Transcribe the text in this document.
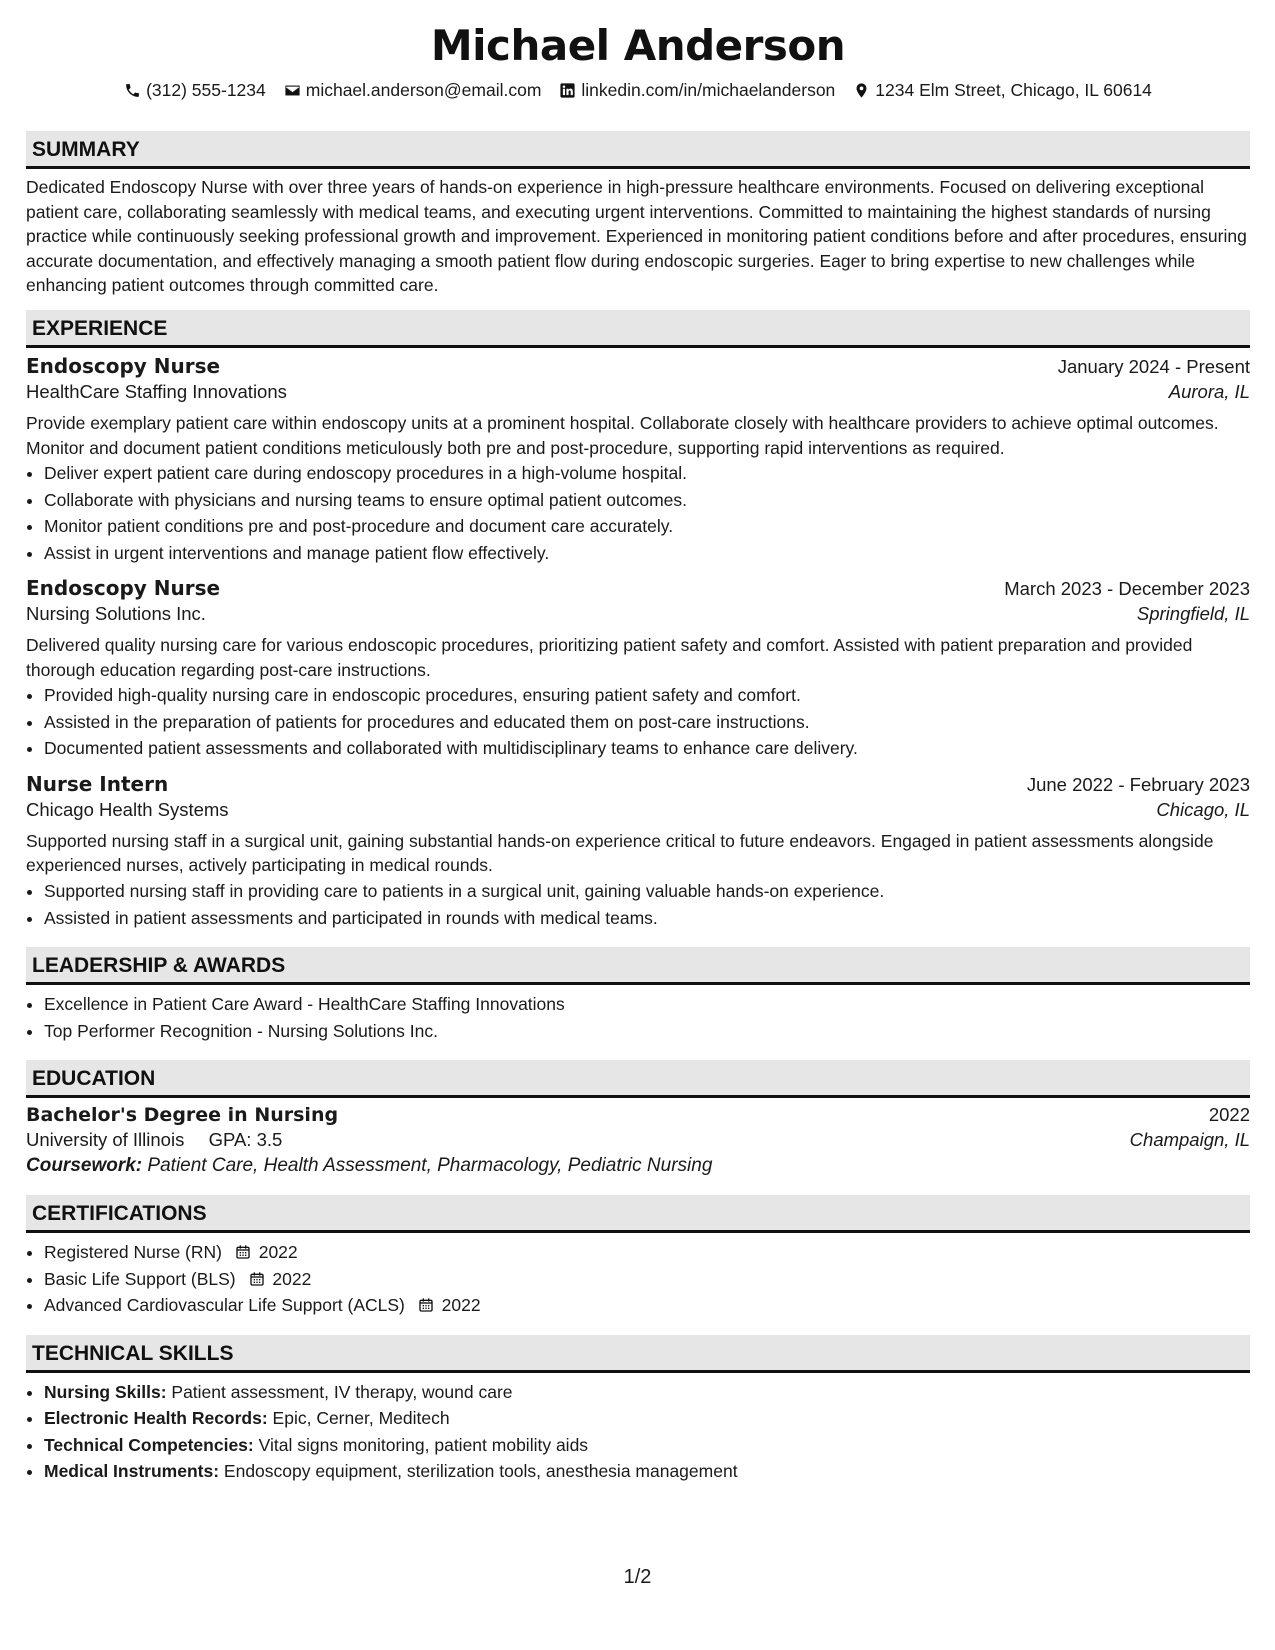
Michael Anderson
(312) 555-1234 michael.anderson@email.com linkedin.com/in/michaelanderson 1234 Elm Street, Chicago, IL 60614
SUMMARY

Dedicated Endoscopy Nurse with over three years of hands-on experience in high-pressure healthcare environments. Focused on delivering exceptional patient care, collaborating seamlessly with medical teams, and executing urgent interventions. Committed to maintaining the highest standards of nursing practice while continuously seeking professional growth and improvement. Experienced in monitoring patient conditions before and after procedures, ensuring accurate documentation, and effectively managing a smooth patient flow during endoscopic surgeries. Eager to bring expertise to new challenges while enhancing patient outcomes through committed care.

EXPERIENCE
Endoscopy Nurse	January 2024 - Present
HealthCare Staffing Innovations	Aurora, IL

Provide exemplary patient care within endoscopy units at a prominent hospital. Collaborate closely with healthcare providers to achieve optimal outcomes. Monitor and document patient conditions meticulously both pre and post-procedure, supporting rapid interventions as required.

• Deliver expert patient care during endoscopy procedures in a high-volume hospital.
• Collaborate with physicians and nursing teams to ensure optimal patient outcomes.
• Monitor patient conditions pre and post-procedure and document care accurately.
• Assist in urgent interventions and manage patient flow effectively.
Endoscopy Nurse	March 2023 - December 2023
Nursing Solutions Inc.	Springfield, IL

Delivered quality nursing care for various endoscopic procedures, prioritizing patient safety and comfort. Assisted with patient preparation and provided thorough education regarding post-care instructions.

• Provided high-quality nursing care in endoscopic procedures, ensuring patient safety and comfort.
• Assisted in the preparation of patients for procedures and educated them on post-care instructions.
• Documented patient assessments and collaborated with multidisciplinary teams to enhance care delivery.
Nurse Intern	June 2022 - February 2023
Chicago Health Systems	Chicago, IL

Supported nursing staff in a surgical unit, gaining substantial hands-on experience critical to future endeavors. Engaged in patient assessments alongside experienced nurses, actively participating in medical rounds.

• Supported nursing staff in providing care to patients in a surgical unit, gaining valuable hands-on experience.
• Assisted in patient assessments and participated in rounds with medical teams.
LEADERSHIP & AWARDS
• Excellence in Patient Care Award - HealthCare Staffing Innovations
• Top Performer Recognition - Nursing Solutions Inc.
EDUCATION
Bachelor's Degree in Nursing	2022
University of Illinois GPA: 3.5	Champaign, IL
Coursework: Patient Care, Health Assessment, Pharmacology, Pediatric Nursing
CERTIFICATIONS
• Registered Nurse (RN) 2022
• Basic Life Support (BLS) 2022
• Advanced Cardiovascular Life Support (ACLS) 2022
TECHNICAL SKILLS
• Nursing Skills: Patient assessment, IV therapy, wound care
• Electronic Health Records: Epic, Cerner, Meditech
• Technical Competencies: Vital signs monitoring, patient mobility aids
• Medical Instruments: Endoscopy equipment, sterilization tools, anesthesia management
1/2
